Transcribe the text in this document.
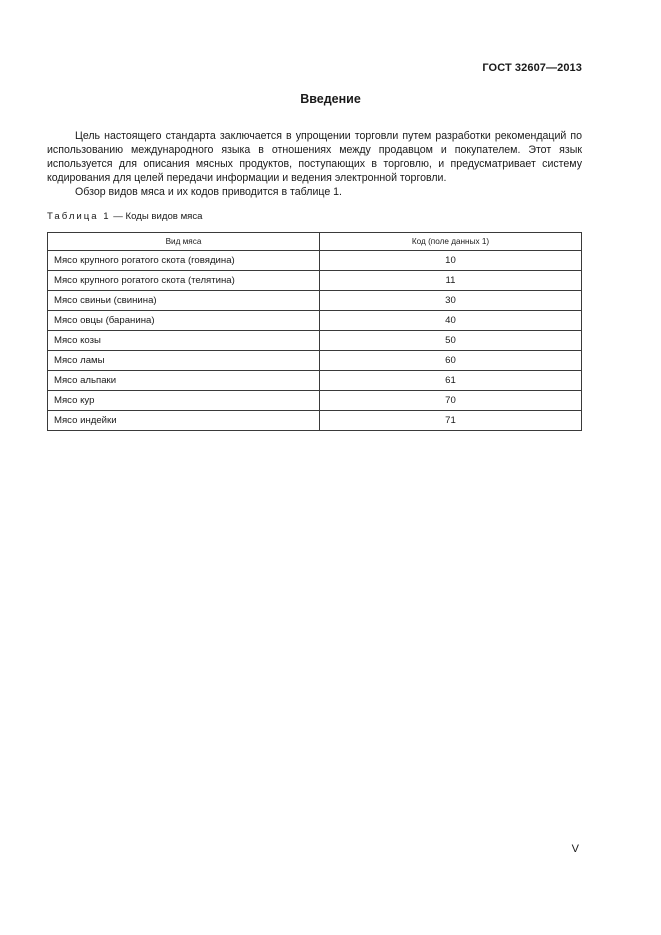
ГОСТ 32607—2013
Введение

Цель настоящего стандарта заключается в упрощении торговли путем разработки рекомендаций по использованию международного языка в отношениях между продавцом и покупателем. Этот язык используется для описания мясных продуктов, поступающих в торговлю, и предусматривает систему кодирования для целей передачи информации и ведения электронной торговли.

Обзор видов мяса и их кодов приводится в таблице 1.

Таблица 1 — Коды видов мяса
Вид мяса	Код (поле данных 1)
Мясо крупного рогатого скота (говядина)	10
Мясо крупного рогатого скота (телятина)	11
Мясо свиньи (свинина)	30
Мясо овцы (баранина)	40
Мясо козы	50
Мясо ламы	60
Мясо альпаки	61
Мясо кур	70
Мясо индейки	71
V
